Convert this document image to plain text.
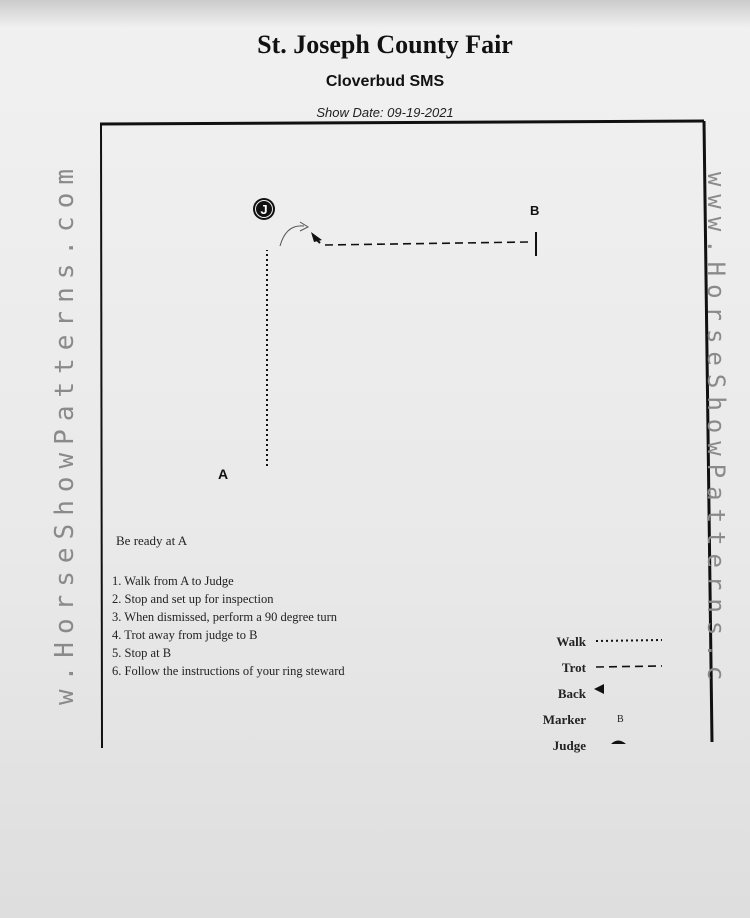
St. Joseph County Fair
Cloverbud SMS
Show Date: 09-19-2021
J
w.HorseShowPatterns.com	www.HorseShowPatterns.c
A
B
Be ready at A
1. Walk from A to Judge
2. Stop and set up for inspection
3. When dismissed, perform a 90 degree turn
4. Trot away from judge to B
5. Stop at B
6. Follow the instructions of your ring steward
Walk
Trot
Back
Marker	B
Judge
